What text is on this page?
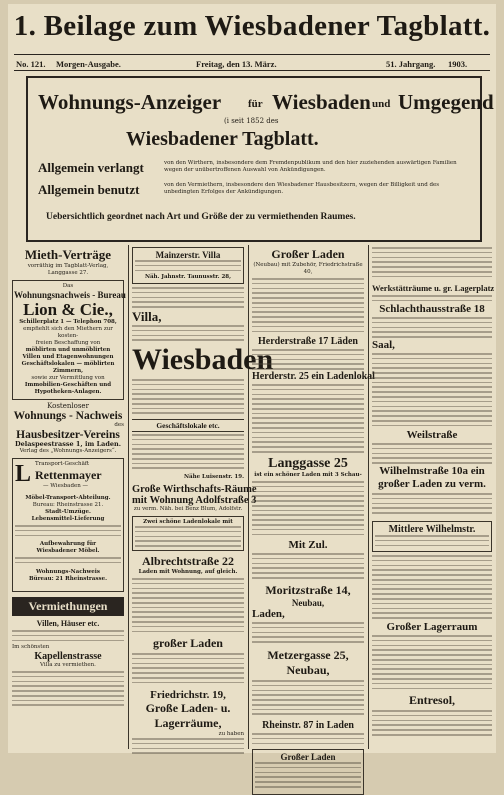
1. Beilage zum Wiesbadener Tagblatt.
No. 121. Morgen-Ausgabe.	Freitag, den 13. März.	51. Jahrgang. 1903.
Wohnungs-Anzeiger für Wiesbaden und Umgegend
(i seit 1852 des
Wiesbadener Tagblatt.
Allgemein verlangt	von den Wirthern, insbesondere dem Fremdenpublikum und den hier zuziehenden auswärtigen Familien wegen der unübertroffenen Auswahl von Ankündigungen.
Allgemein benutzt	von den Vermiethern, insbesondere den Wiesbadener Hausbesitzern, wegen der Billigkeit und des unbedingten Erfolges der Ankündigungen.
Uebersichtlich geordnet nach Art und Größe der zu vermiethenden Raumes.
Mieth-Verträge
vorräthig im Tagblatt-Verlag, Langgasse 27.
Das
Wohnungsnachweis - Bureau
Lion & Cie.,
Schillerplatz 1 — Telephon 708,
empfiehlt sich den Miethern zur kosten-
freien Beschaffung von
möblirten und unmöblirten
Villen und Etagenwohnungen
Geschäftslokalen — möblirten
Zimmern,
sowie zur Vermittlung von
Immobilien-Geschäften und
Hypotheken-Anlagen.
Kostenloser
Wohnungs - Nachweis
des
Hausbesitzer-Vereins
Delaspeestrasse 1, im Laden.
Verlag des „Wohnungs-Anzeigers“.
L Transport-Geschäft
Rettenmayer
— Wiesbaden —
Möbel-Transport-Abteilung.
Bureau: Rheinstrasse 21.
Stadt-Umzüge.
Lebensmittel-Lieferung
Aufbewahrung für
Wiesbadener Möbel.
Wohnungs-Nachweis
Büreau: 21 Rheinstrasse.
Vermiethungen
Villen, Häuser etc.
Im schönsten
Kapellenstrasse
Villa zu vermiethen.
Mainzerstr. Villa
Näh. Jahnstr. Taunusstr. 28,
Villa,
Wiesbaden
Geschäftslokale etc.
Nähe Luisenstr. 19.
Große Wirthschafts-Räume
mit Wohnung Adolfstraße 3
zu verm. Näh. bei Benz Blum, Adolfstr.
Zwei schöne Ladenlokale mit
Albrechtstraße 22
Laden mit Wohnung, auf gleich.
großer Laden
Friedrichstr. 19,
Große Laden- u.
Lagerräume,
zu haben
Großer Laden
(Neubau) mit Zubehör, Friedrichstraße 40,
Herderstraße 17 Läden
Herderstr. 25 ein Ladenlokal
Langgasse 25
ist ein schöner Laden mit 3 Schau-
Mit Zul.
Moritzstraße 14,
Neubau,
Laden,
Metzergasse 25,
Neubau,
Rheinstr. 87 in Laden
Großer Laden
Werkstätträume u. gr. Lagerplatz
Schlachthausstraße 18
Saal,
Weilstraße
Wilhelmstraße 10a ein großer Laden zu verm.
Mittlere Wilhelmstr.
Großer Lagerraum
Entresol,
